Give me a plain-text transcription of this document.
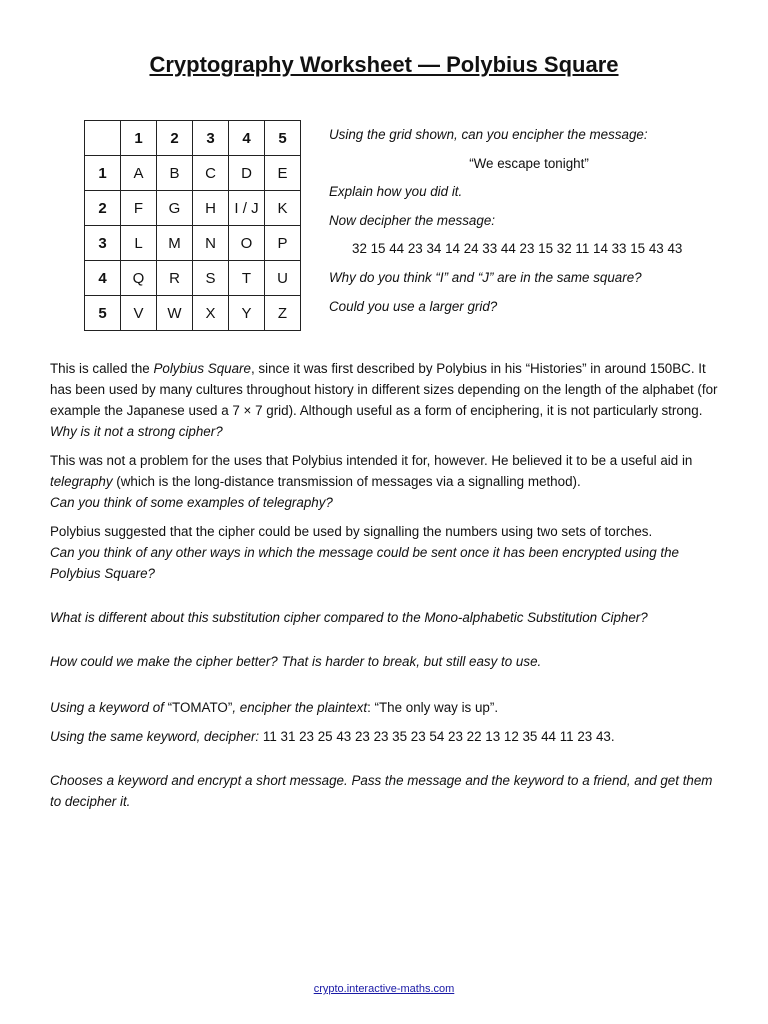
Cryptography Worksheet — Polybius Square
	1	2	3	4	5
1	A	B	C	D	E
2	F	G	H	I / J	K
3	L	M	N	O	P
4	Q	R	S	T	U
5	V	W	X	Y	Z

Using the grid shown, can you encipher the message:

“We escape tonight”

Explain how you did it.

Now decipher the message:

32 15 44 23 34 14 24 33 44 23 15 32 11 14 33 15 43 43

Why do you think “I” and “J” are in the same square?

Could you use a larger grid?

This is called the Polybius Square, since it was first described by Polybius in his “Histories” in around 150BC. It has been used by many cultures throughout history in different sizes depending on the length of the alphabet (for example the Japanese used a 7 × 7 grid). Although useful as a form of enciphering, it is not particularly strong. Why is it not a strong cipher?

This was not a problem for the uses that Polybius intended it for, however. He believed it to be a useful aid in telegraphy (which is the long-distance transmission of messages via a signalling method).

Can you think of some examples of telegraphy?

Polybius suggested that the cipher could be used by signalling the numbers using two sets of torches.

Can you think of any other ways in which the message could be sent once it has been encrypted using the Polybius Square?

What is different about this substitution cipher compared to the Mono-alphabetic Substitution Cipher?

How could we make the cipher better? That is harder to break, but still easy to use.

Using a keyword of “TOMATO”, encipher the plaintext: “The only way is up”.

Using the same keyword, decipher: 11 31 23 25 43 23 23 35 23 54 23 22 13 12 35 44 11 23 43.

Chooses a keyword and encrypt a short message. Pass the message and the keyword to a friend, and get them to decipher it.

crypto.interactive-maths.com
